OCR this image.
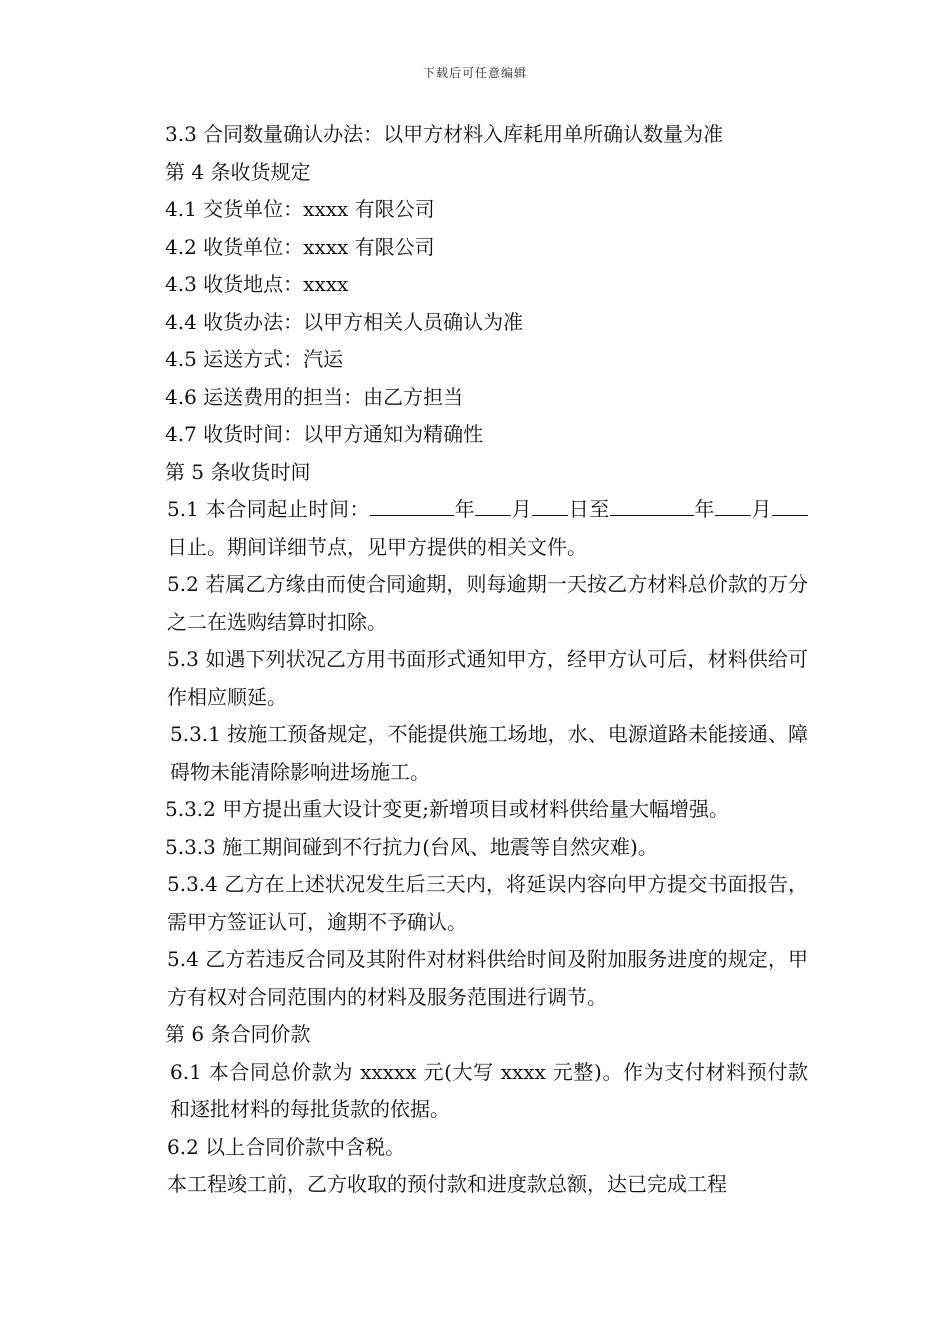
下载后可任意编辑
3.3 合同数量确认办法：以甲方材料入库耗用单所确认数量为准
第 4 条收货规定
4.1 交货单位：xxxx 有限公司
4.2 收货单位：xxxx 有限公司
4.3 收货地点：xxxx
4.4 收货办法：以甲方相关人员确认为准
4.5 运送方式：汽运
4.6 运送费用的担当：由乙方担当
4.7 收货时间：以甲方通知为精确性
第 5 条收货时间
5.1 本合同起止时间：	年 月 日至	年 月日止。期间详细节点，见甲方提供的相关文件。
5.2 若属乙方缘由而使合同逾期，则每逾期一天按乙方材料总价款的万分之二在选购结算时扣除。
5.3 如遇下列状况乙方用书面形式通知甲方，经甲方认可后，材料供给可作相应顺延。
5.3.1 按施工预备规定，不能提供施工场地，水、电源道路未能接通、障碍物未能清除影响进场施工。
5.3.2 甲方提出重大设计变更;新增项目或材料供给量大幅增强。
5.3.3 施工期间碰到不行抗力(台风、地震等自然灾难)。
5.3.4 乙方在上述状况发生后三天内，将延误内容向甲方提交书面报告，需甲方签证认可，逾期不予确认。
5.4 乙方若违反合同及其附件对材料供给时间及附加服务进度的规定，甲方有权对合同范围内的材料及服务范围进行调节。
第 6 条合同价款
6.1 本合同总价款为 xxxxx 元(大写 xxxx 元整)。作为支付材料预付款和逐批材料的每批货款的依据。
6.2 以上合同价款中含税。
本工程竣工前，乙方收取的预付款和进度款总额，达已完成工程
